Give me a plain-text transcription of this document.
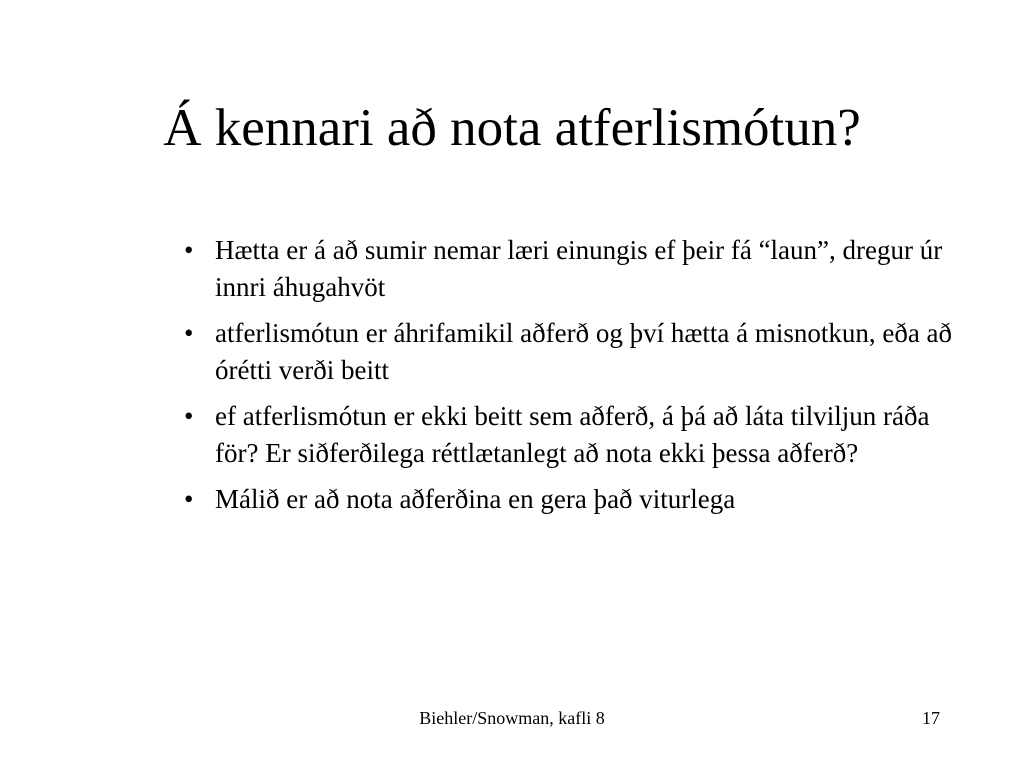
Á kennari að nota atferlismótun?
• Hætta er á að sumir nemar læri einungis ef þeir fá “laun”, dregur úr innri áhugahvöt
• atferlismótun er áhrifamikil aðferð og því hætta á misnotkun, eða að órétti verði beitt
• ef atferlismótun er ekki beitt sem aðferð, á þá að láta tilviljun ráða för? Er siðferðilega réttlætanlegt að nota ekki þessa aðferð?
• Málið er að nota aðferðina en gera það viturlega
Biehler/Snowman, kafli 8	17
